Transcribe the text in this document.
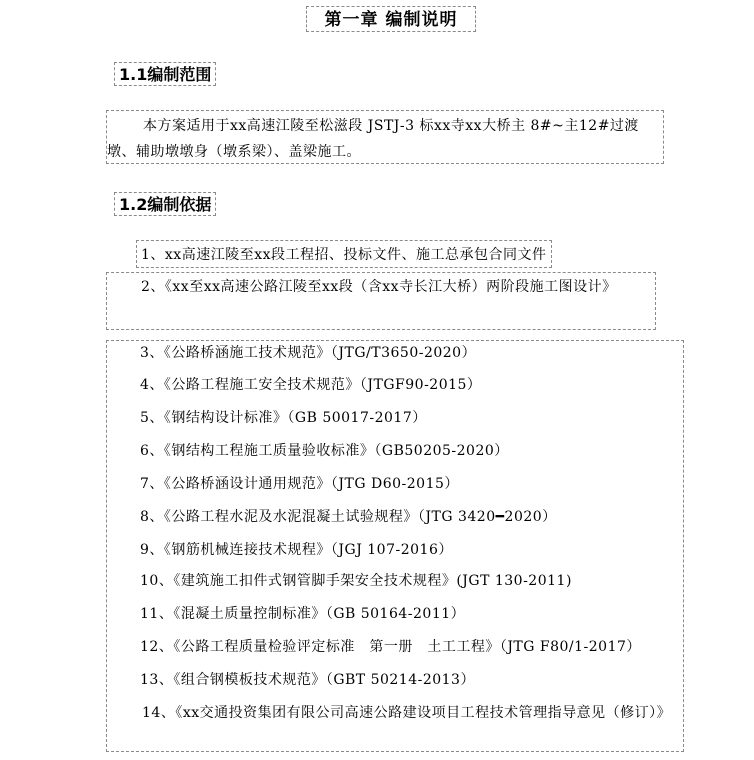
第一章 编制说明
1.1编制范围
本方案适用于xx高速江陵至松滋段 JSTJ-3 标xx寺xx大桥主 8#~主12#过渡墩、辅助墩墩身（墩系梁）、盖梁施工。
1.2编制依据
1、xx高速江陵至xx段工程招、投标文件、施工总承包合同文件
2、《xx至xx高速公路江陵至xx段（含xx寺长江大桥）两阶段施工图设计》
3、《公路桥涵施工技术规范》（JTG/T3650-2020）
4、《公路工程施工安全技术规范》（JTGF90-2015）
5、《钢结构设计标准》（GB 50017-2017）
6、《钢结构工程施工质量验收标准》（GB50205-2020）
7、《公路桥涵设计通用规范》（JTG D60-2015）
8、《公路工程水泥及水泥混凝土试验规程》（JTG 3420━2020）
9、《钢筋机械连接技术规程》（JGJ 107-2016）
10、《建筑施工扣件式钢管脚手架安全技术规程》(JGT 130-2011)
11、《混凝土质量控制标准》（GB 50164-2011）
12、《公路工程质量检验评定标准　第一册　土工工程》（JTG F80/1-2017）
13、《组合钢模板技术规范》（GBT 50214-2013）
14、《xx交通投资集团有限公司高速公路建设项目工程技术管理指导意见（修订）》
